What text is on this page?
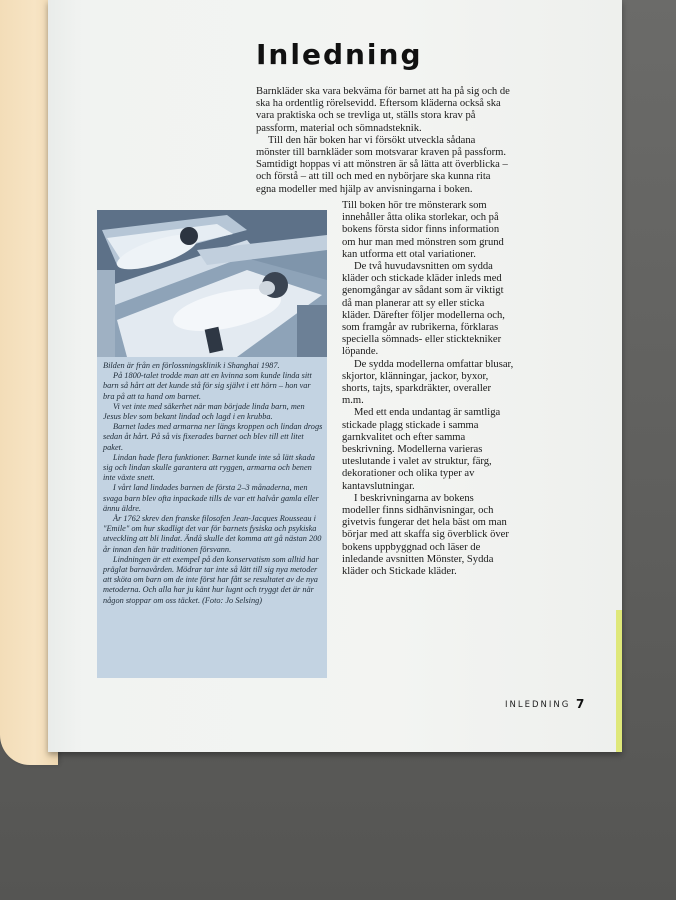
Inledning

Barnkläder ska vara bekväma för barnet att ha på sig och de ska ha ordentlig rörelsevidd. Eftersom kläderna också ska vara praktiska och se trevliga ut, ställs stora krav på passform, material och sömnadsteknik.

Till den här boken har vi försökt utveckla sådana mönster till barnkläder som motsvarar kraven på passform. Samtidigt hoppas vi att mönstren är så lätta att överblicka – och förstå – att till och med en nybörjare ska kunna rita egna modeller med hjälp av anvisningarna i boken.

Till boken hör tre mönsterark som innehåller åtta olika storlekar, och på bokens första sidor finns information om hur man med mönstren som grund kan utforma ett otal variationer.

De två huvudavsnitten om sydda kläder och stickade kläder inleds med genomgångar av sådant som är viktigt då man planerar att sy eller sticka kläder. Därefter följer modellerna och, som framgår av rubrikerna, förklaras speciella sömnads- eller sticktekniker löpande.

De sydda modellerna omfattar blusar, skjortor, klänningar, jackor, byxor, shorts, tajts, sparkdräkter, overaller m.m.

Med ett enda undantag är samtliga stickade plagg stickade i samma garnkvalitet och efter samma beskrivning. Modellerna varieras uteslutande i valet av struktur, färg, dekorationer och olika typer av kantavslutningar.

I beskrivningarna av bokens modeller finns sidhänvisningar, och givetvis fungerar det hela bäst om man börjar med att skaffa sig överblick över bokens uppbyggnad och läser de inledande avsnitten Mönster, Sydda kläder och Stickade kläder.

Bilden är från en förlossningsklinik i Shanghai 1987.

På 1800-talet trodde man att en kvinna som kunde linda sitt barn så hårt att det kunde stå för sig självt i ett hörn – hon var bra på att ta hand om barnet.

Vi vet inte med säkerhet när man började linda barn, men Jesus blev som bekant lindad och lagd i en krubba.

Barnet lades med armarna ner längs kroppen och lindan drogs sedan åt hårt. På så vis fixerades barnet och blev till ett litet paket.

Lindan hade flera funktioner. Barnet kunde inte så lätt skada sig och lindan skulle garantera att ryggen, armarna och benen inte växte snett.

I vårt land lindades barnen de första 2–3 månaderna, men svaga barn blev ofta inpackade tills de var ett halvår gamla eller ännu äldre.

År 1762 skrev den franske filosofen Jean-Jacques Rousseau i "Emile" om hur skadligt det var för barnets fysiska och psykiska utveckling att bli lindat. Ändå skulle det komma att gå nästan 200 år innan den här traditionen försvann.

Lindningen är ett exempel på den konservatism som alltid har präglat barnavården. Mödrar tar inte så lätt till sig nya metoder att sköta om barn om de inte först har fått se resultatet av de nya metoderna. Och alla har ju känt hur lugnt och tryggt det är när någon stoppar om oss täcket. (Foto: Jo Selsing)

INLEDNING 7
